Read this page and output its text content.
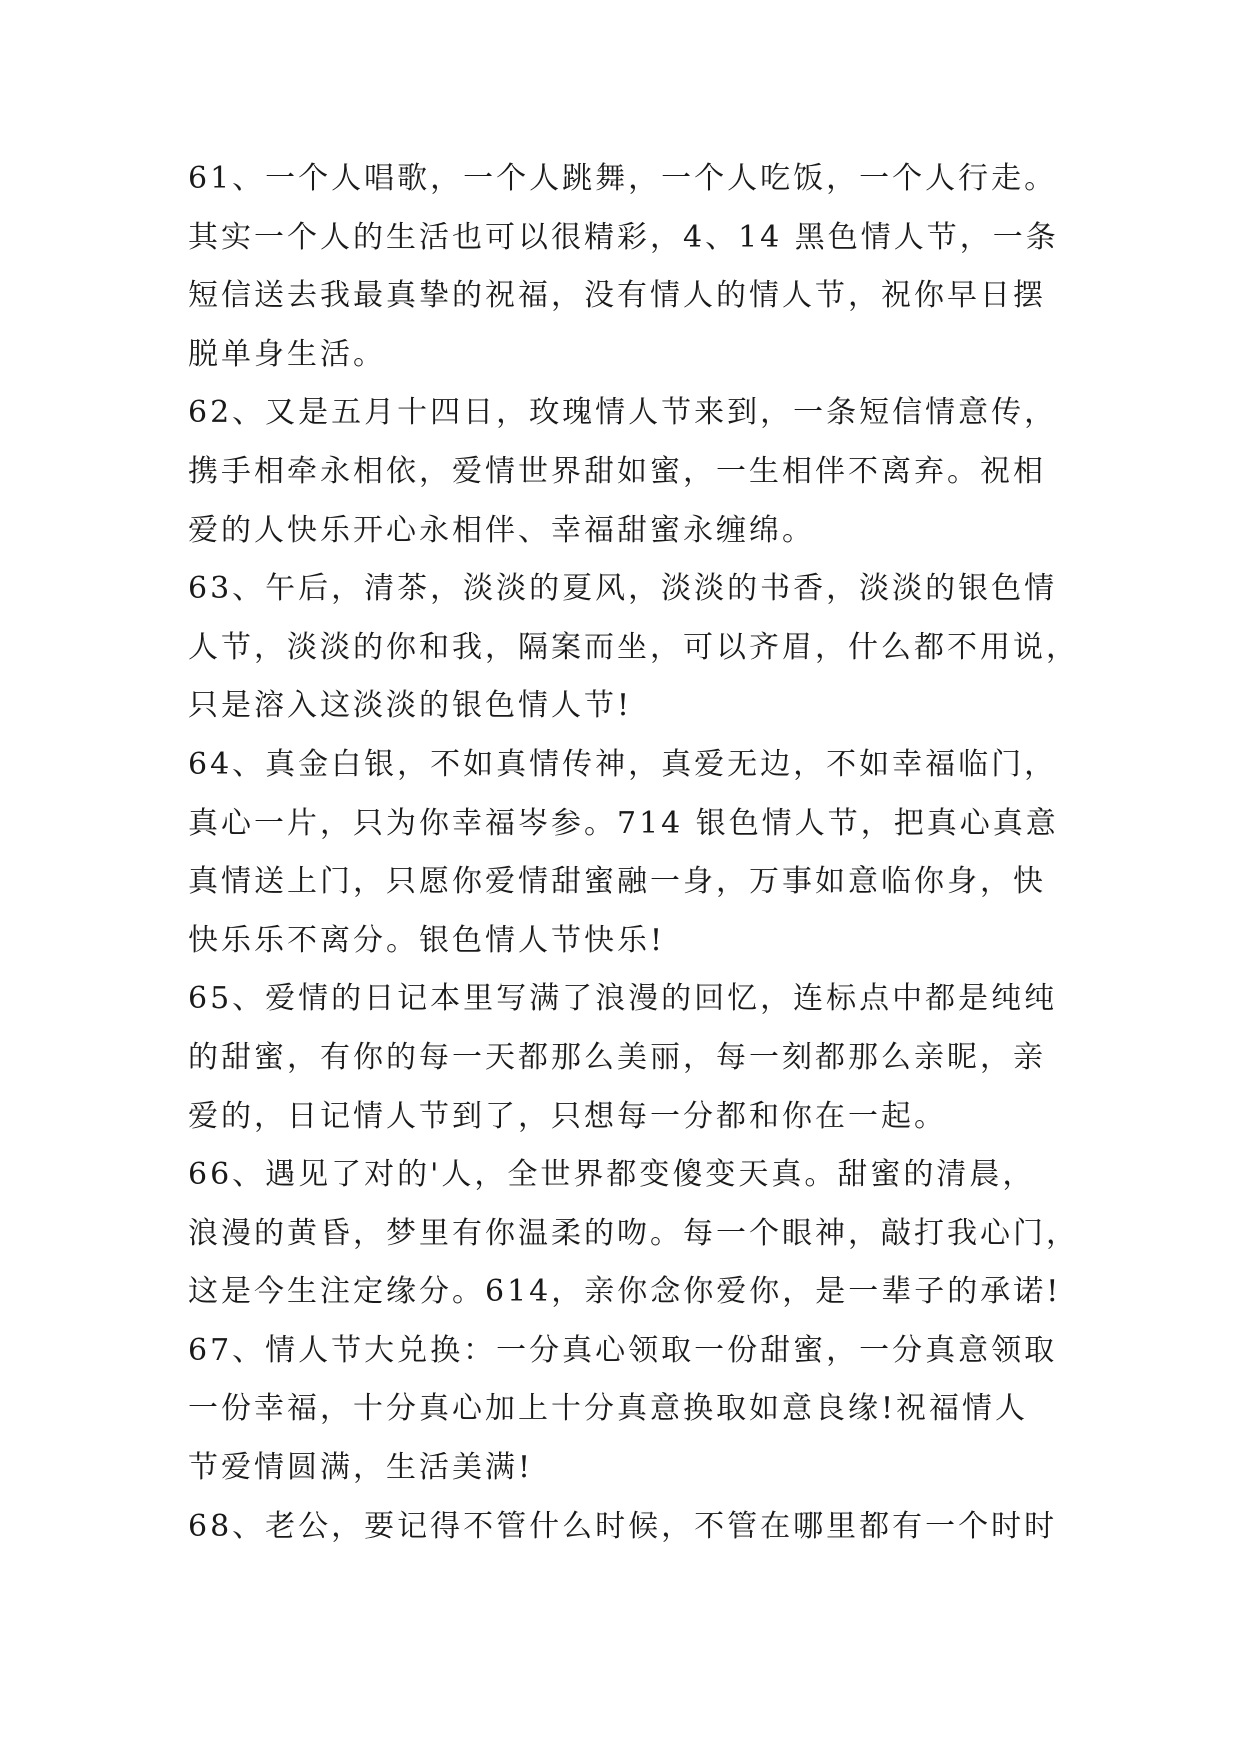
61、一个人唱歌，一个人跳舞，一个人吃饭，一个人行走。
其实一个人的生活也可以很精彩，4、14 黑色情人节，一条
短信送去我最真挚的祝福，没有情人的情人节，祝你早日摆
脱单身生活。
62、又是五月十四日，玫瑰情人节来到，一条短信情意传，
携手相牵永相依，爱情世界甜如蜜，一生相伴不离弃。祝相
爱的人快乐开心永相伴、幸福甜蜜永缠绵。
63、午后，清茶，淡淡的夏风，淡淡的书香，淡淡的银色情
人节，淡淡的你和我，隔案而坐，可以齐眉，什么都不用说，
只是溶入这淡淡的银色情人节!
64、真金白银，不如真情传神，真爱无边，不如幸福临门，
真心一片，只为你幸福岑参。714 银色情人节，把真心真意
真情送上门，只愿你爱情甜蜜融一身，万事如意临你身，快
快乐乐不离分。银色情人节快乐!
65、爱情的日记本里写满了浪漫的回忆，连标点中都是纯纯
的甜蜜，有你的每一天都那么美丽，每一刻都那么亲昵，亲
爱的，日记情人节到了，只想每一分都和你在一起。
66、遇见了对的'人，全世界都变傻变天真。甜蜜的清晨，
浪漫的黄昏，梦里有你温柔的吻。每一个眼神，敲打我心门，
这是今生注定缘分。614，亲你念你爱你，是一辈子的承诺!
67、情人节大兑换：一分真心领取一份甜蜜，一分真意领取
一份幸福，十分真心加上十分真意换取如意良缘!祝福情人
节爱情圆满，生活美满!
68、老公，要记得不管什么时候，不管在哪里都有一个时时
